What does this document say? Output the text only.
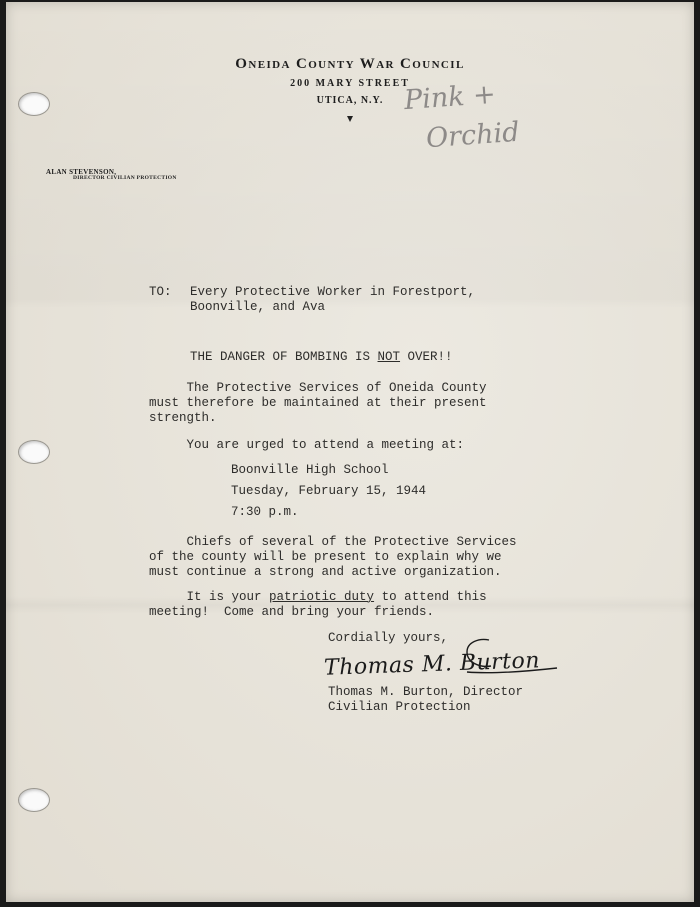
Oneida County War Council
200 MARY STREET
UTICA, N.Y. Pink +
Orchid
ALAN STEVENSON,
DIRECTOR CIVILIAN PROTECTION
TO: Every Protective Worker in Forestport,
Boonville, and Ava
THE DANGER OF BOMBING IS NOT OVER!!
The Protective Services of Oneida County
must therefore be maintained at their present
strength.
You are urged to attend a meeting at:
Boonville High School
Tuesday, February 15, 1944
7:30 p.m.
Chiefs of several of the Protective Services
of the county will be present to explain why we
must continue a strong and active organization.
It is your patriotic duty to attend this
meeting!  Come and bring your friends.
Cordially yours,
Thomas M. Burton
Thomas M. Burton, Director
Civilian Protection
